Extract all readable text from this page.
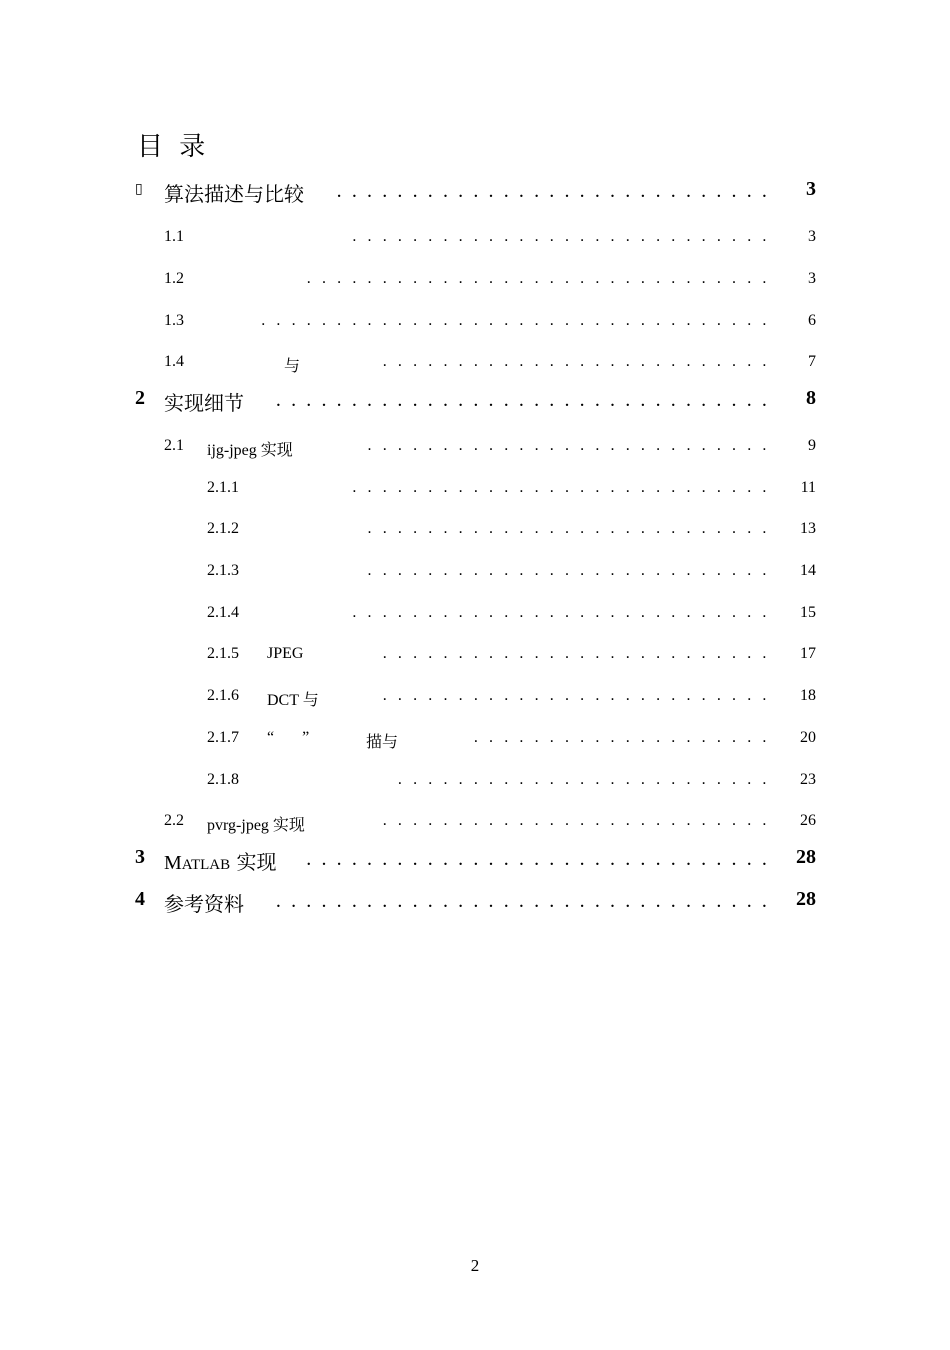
目 录
▯ 算法描述与比较	. . . . . . . . . . . . . . . . . . . . . . . . . . . . . 3
1.1	. . . . . . . . . . . . . . . . . . . . . . . . . . . .	3
1.2	. . . . . . . . . . . . . . . . . . . . . . . . . . . . . . .	3
1.3	. . . . . . . . . . . . . . . . . . . . . . . . . . . . . . . . . .	6
1.4	与	. . . . . . . . . . . . . . . . . . . . . . . . . .	7
2 实现细节	. . . . . . . . . . . . . . . . . . . . . . . . . . . . . . . . . 8
2.1 ijg-jpeg 实现	. . . . . . . . . . . . . . . . . . . . . . . . . . .	9
2.1.1	. . . . . . . . . . . . . . . . . . . . . . . . . . . .	11
2.1.2	. . . . . . . . . . . . . . . . . . . . . . . . . . .	13
2.1.3	. . . . . . . . . . . . . . . . . . . . . . . . . . .	14
2.1.4	. . . . . . . . . . . . . . . . . . . . . . . . . . . .	15
2.1.5 JPEG	. . . . . . . . . . . . . . . . . . . . . . . . . .	17
2.1.6 DCT 与	. . . . . . . . . . . . . . . . . . . . . . . . . .	18
2.1.7 “ ”	描与	. . . . . . . . . . . . . . . . . . . .	20
2.1.8	. . . . . . . . . . . . . . . . . . . . . . . . .	23
2.2 pvrg-jpeg 实现	. . . . . . . . . . . . . . . . . . . . . . . . . .	26
3 MATLAB 实现	. . . . . . . . . . . . . . . . . . . . . . . . . . . . . . . 28
4 参考资料	. . . . . . . . . . . . . . . . . . . . . . . . . . . . . . . . . 28
2
